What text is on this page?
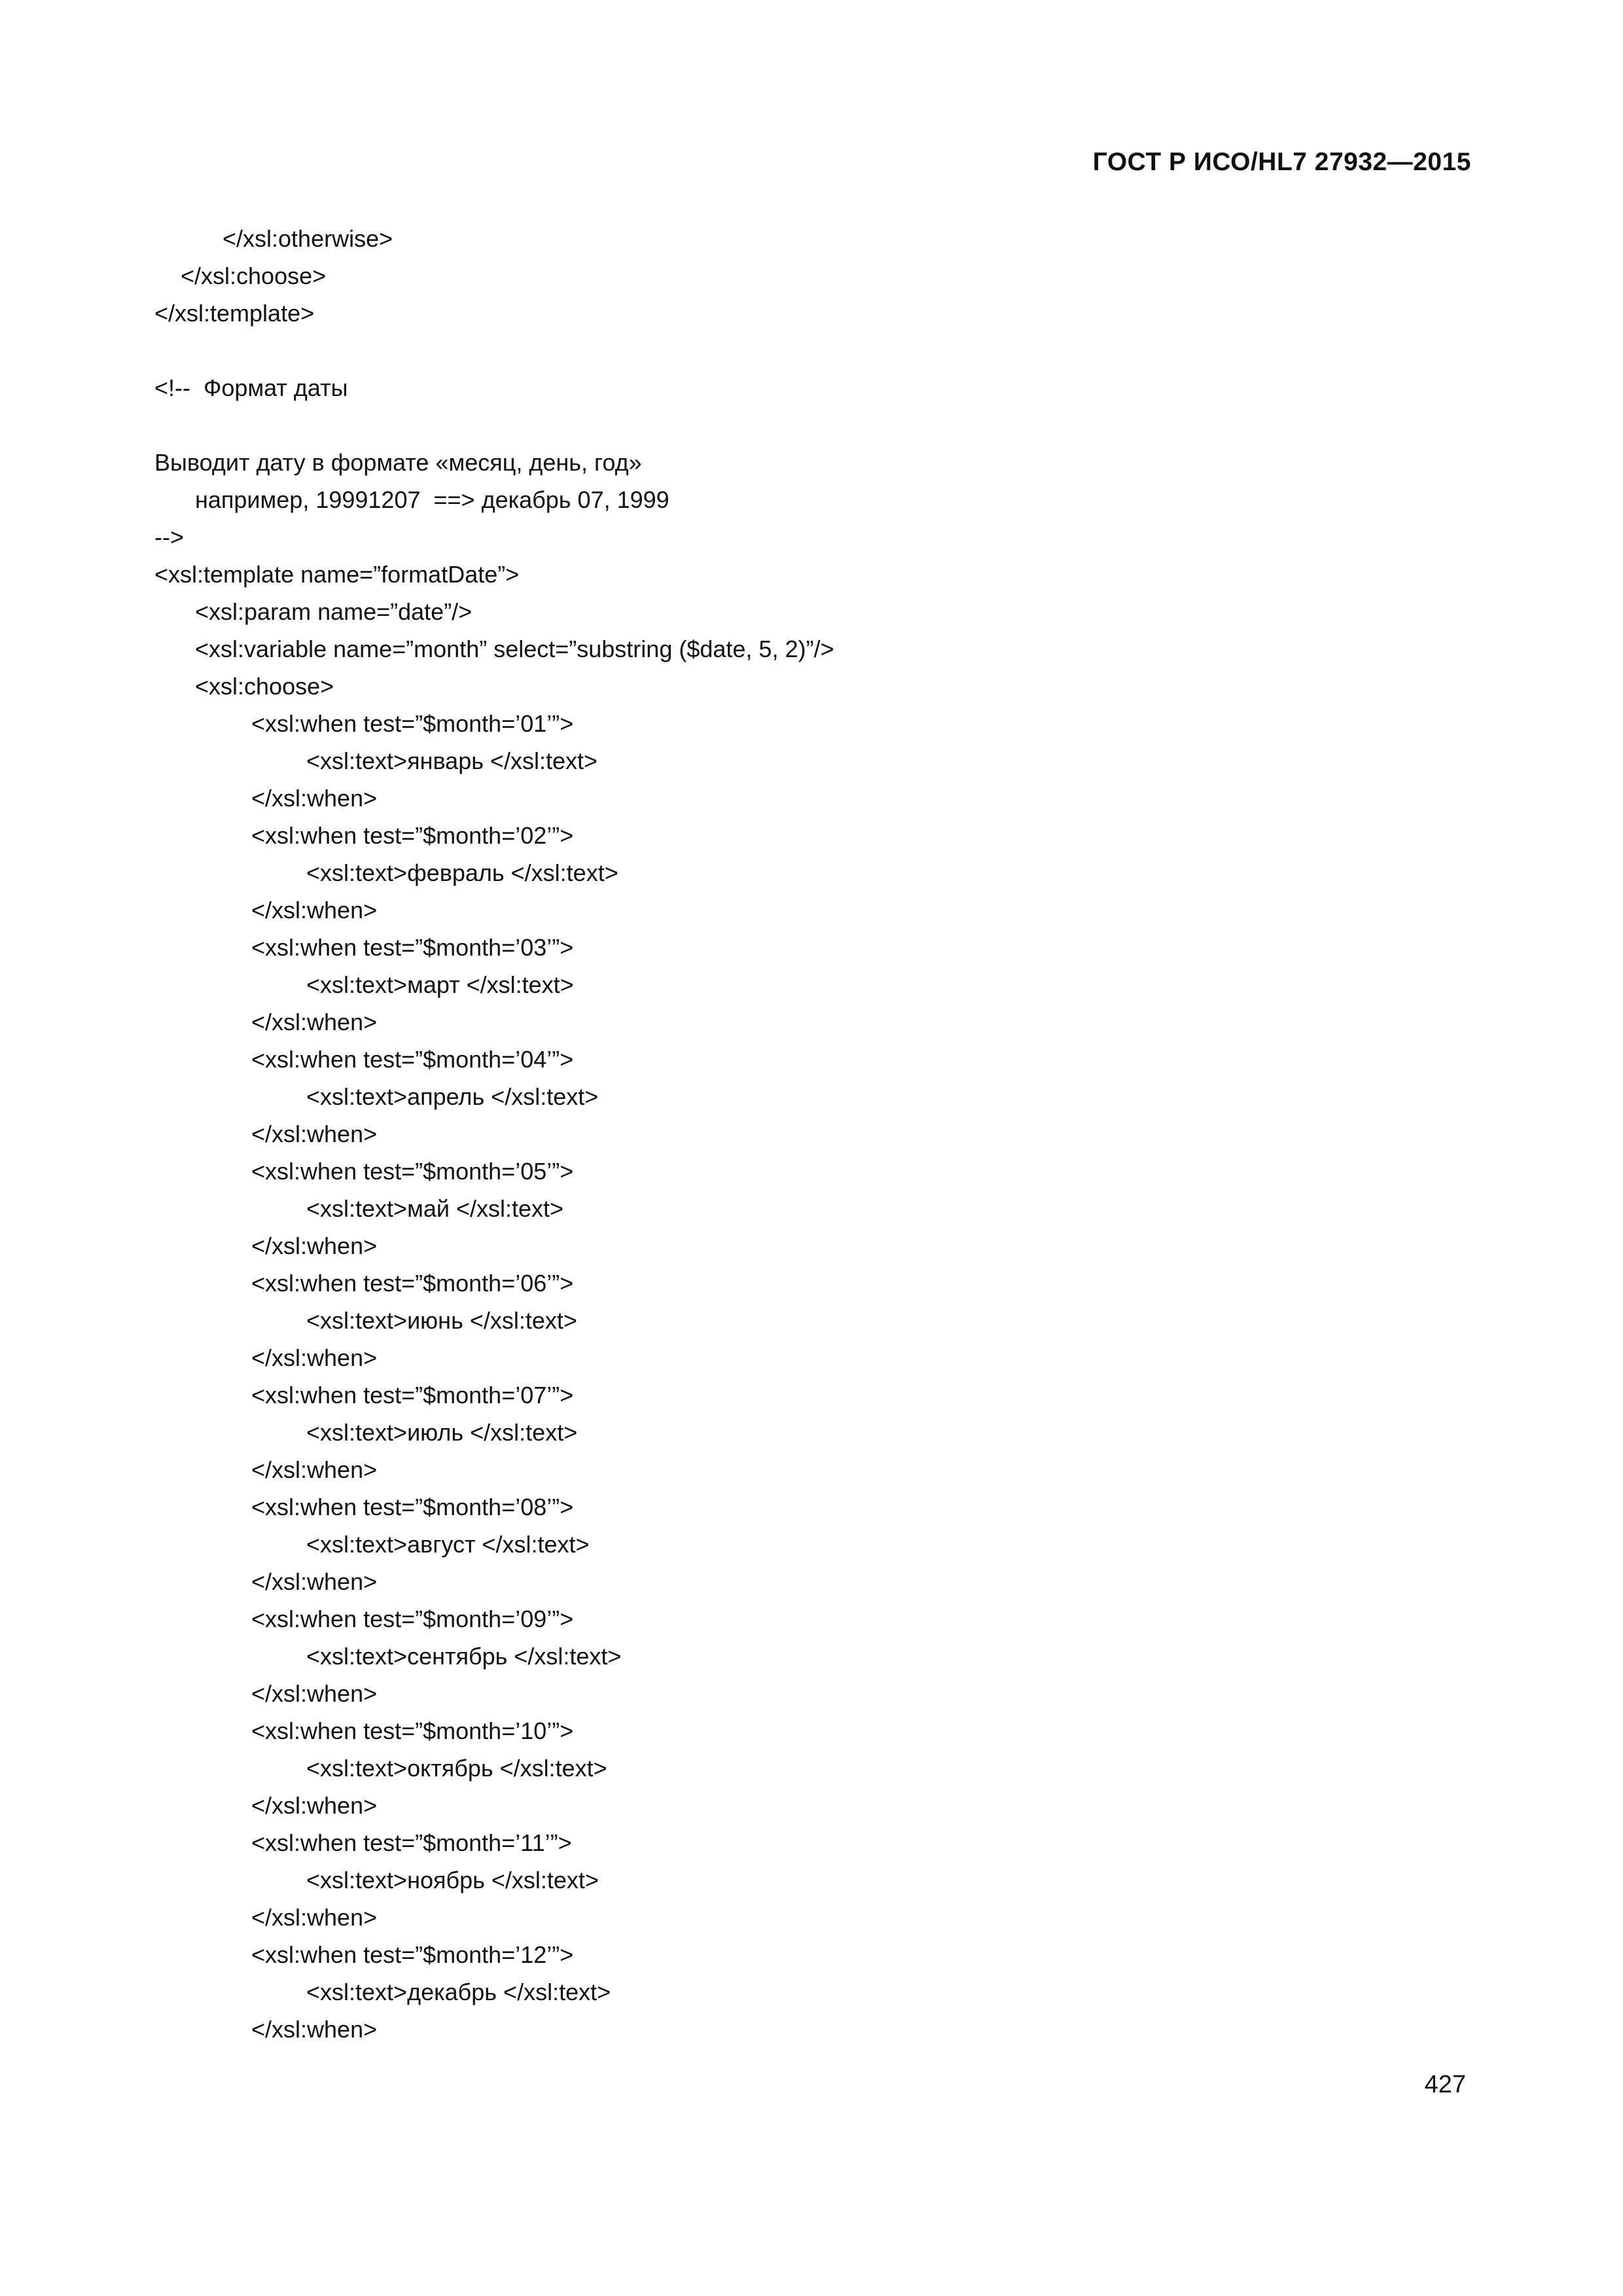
ГОСТ Р ИСО/HL7 27932—2015
</xsl:otherwise>
</xsl:choose>
</xsl:template>
<!--  Формат даты
Выводит дату в формате «месяц, день, год»
например, 19991207  ==> декабрь 07, 1999
-->
<xsl:template name=”formatDate”>
<xsl:param name=”date”/>
<xsl:variable name=”month” select=”substring ($date, 5, 2)”/>
<xsl:choose>
<xsl:when test=”$month=’01’”>
<xsl:text>январь </xsl:text>
</xsl:when>
<xsl:when test=”$month=’02’”>
<xsl:text>февраль </xsl:text>
</xsl:when>
<xsl:when test=”$month=’03’”>
<xsl:text>март </xsl:text>
</xsl:when>
<xsl:when test=”$month=’04’”>
<xsl:text>апрель </xsl:text>
</xsl:when>
<xsl:when test=”$month=’05’”>
<xsl:text>май </xsl:text>
</xsl:when>
<xsl:when test=”$month=’06’”>
<xsl:text>июнь </xsl:text>
</xsl:when>
<xsl:when test=”$month=’07’”>
<xsl:text>июль </xsl:text>
</xsl:when>
<xsl:when test=”$month=’08’”>
<xsl:text>август </xsl:text>
</xsl:when>
<xsl:when test=”$month=’09’”>
<xsl:text>сентябрь </xsl:text>
</xsl:when>
<xsl:when test=”$month=’10’”>
<xsl:text>октябрь </xsl:text>
</xsl:when>
<xsl:when test=”$month=’11’”>
<xsl:text>ноябрь </xsl:text>
</xsl:when>
<xsl:when test=”$month=’12’”>
<xsl:text>декабрь </xsl:text>
</xsl:when>
427
